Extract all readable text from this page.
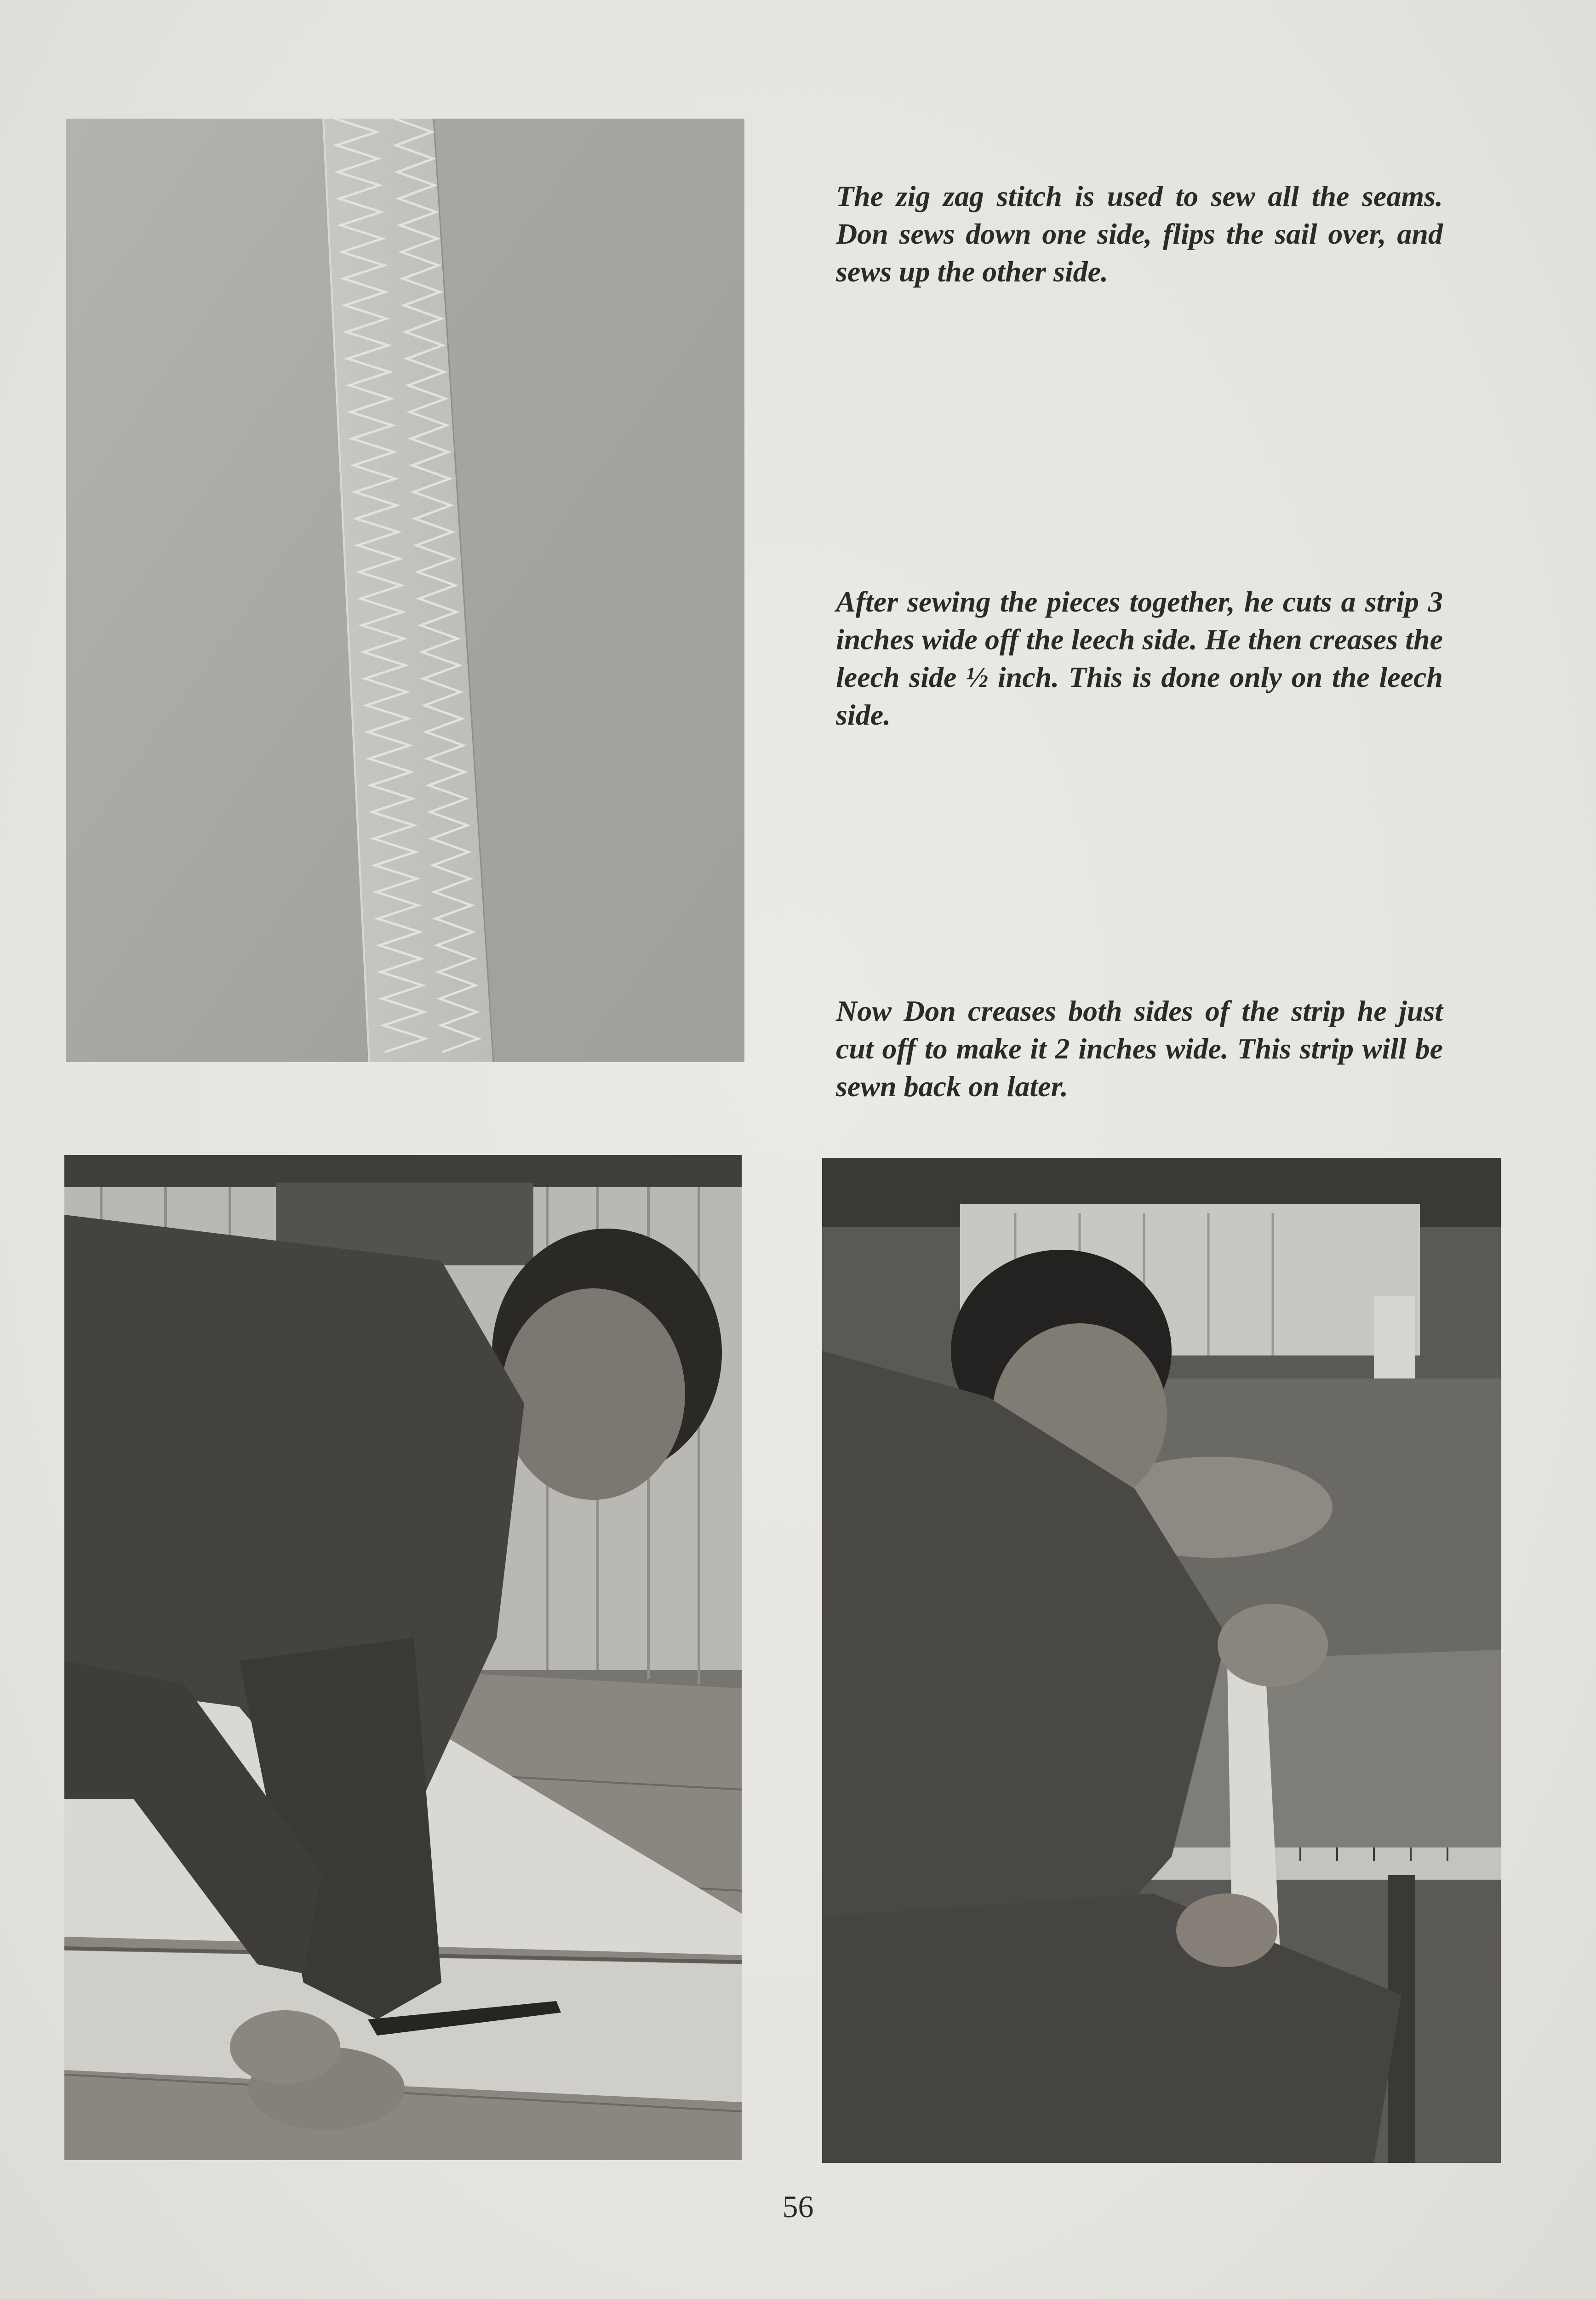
The zig zag stitch is used to sew all the seams. Don sews down one side, flips the sail over, and sews up the other side.

After sewing the pieces together, he cuts a strip 3 inches wide off the leech side. He then creases the leech side ½ inch. This is done only on the leech side.

Now Don creases both sides of the strip he just cut off to make it 2 inches wide. This strip will be sewn back on later.

56
